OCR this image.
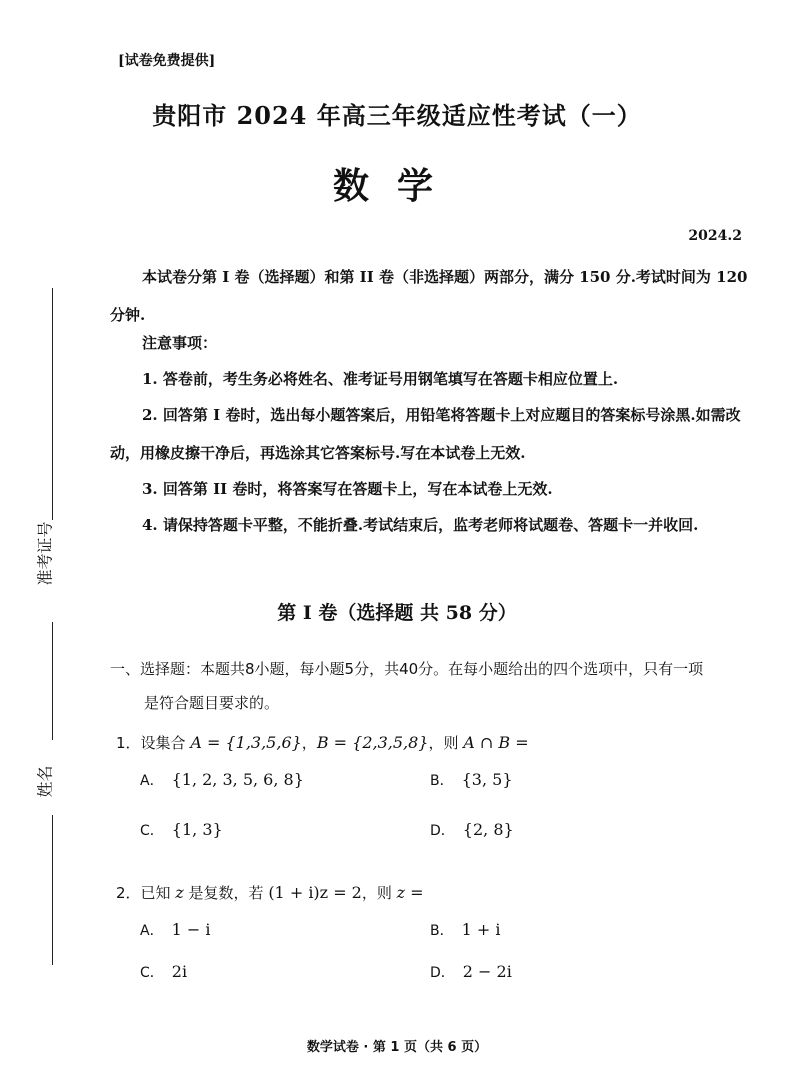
准考证号
姓名
[试卷免费提供]
贵阳市 2024 年高三年级适应性考试（一）
数学
2024.2
本试卷分第 I 卷（选择题）和第 II 卷（非选择题）两部分，满分 150 分.考试时间为 120 分钟.
注意事项：
1. 答卷前，考生务必将姓名、准考证号用钢笔填写在答题卡相应位置上.
2. 回答第 I 卷时，选出每小题答案后，用铅笔将答题卡上对应题目的答案标号涂黑.如需改动，用橡皮擦干净后，再选涂其它答案标号.写在本试卷上无效.
3. 回答第 II 卷时，将答案写在答题卡上，写在本试卷上无效.
4. 请保持答题卡平整，不能折叠.考试结束后，监考老师将试题卷、答题卡一并收回.
第 I 卷（选择题 共 58 分）
一、选择题：本题共8小题，每小题5分，共40分。在每小题给出的四个选项中，只有一项
是符合题目要求的。
1．设集合 A = {1,3,5,6}，B = {2,3,5,8}，则 A ∩ B =
A． {1, 2, 3, 5, 6, 8}	B． {3, 5}
C． {1, 3}	D． {2, 8}
2．已知 z 是复数，若 (1 + i)z = 2，则 z =
A． 1 − i	B． 1 + i
C． 2i	D． 2 − 2i
数学试卷 · 第 1 页（共 6 页）
